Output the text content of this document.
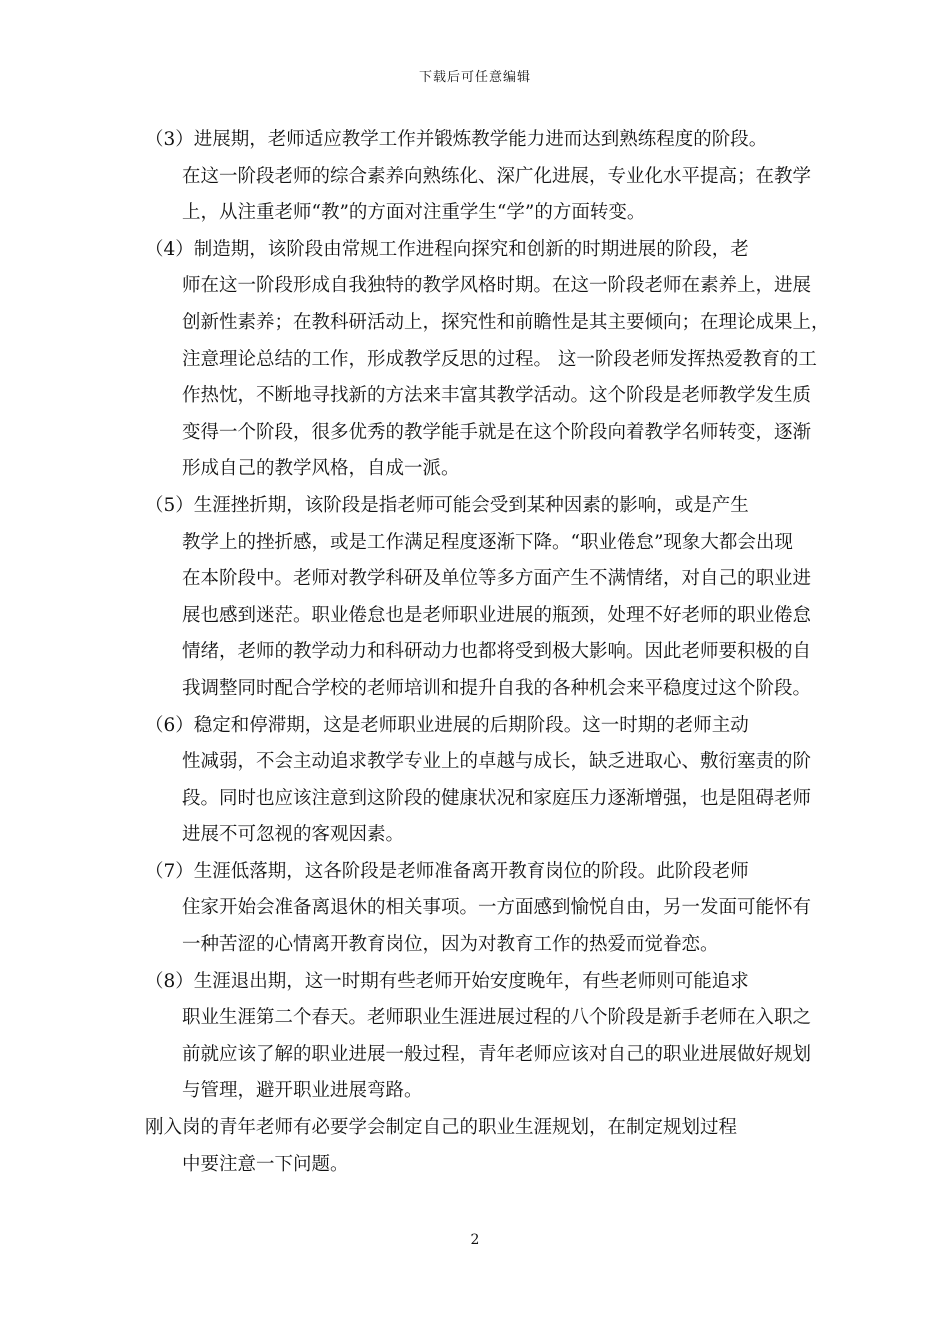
下载后可任意编辑

（3）进展期，老师适应教学工作并锻炼教学能力进而达到熟练程度的阶段。
在这一阶段老师的综合素养向熟练化、深广化进展，专业化水平提高；在教学
上，从注重老师“教”的方面对注重学生“学”的方面转变。

（4）制造期，该阶段由常规工作进程向探究和创新的时期进展的阶段，老
师在这一阶段形成自我独特的教学风格时期。在这一阶段老师在素养上，进展
创新性素养；在教科研活动上，探究性和前瞻性是其主要倾向；在理论成果上，
注意理论总结的工作，形成教学反思的过程。 这一阶段老师发挥热爱教育的工
作热忱，不断地寻找新的方法来丰富其教学活动。这个阶段是老师教学发生质
变得一个阶段，很多优秀的教学能手就是在这个阶段向着教学名师转变，逐渐
形成自己的教学风格，自成一派。

（5）生涯挫折期，该阶段是指老师可能会受到某种因素的影响，或是产生
教学上的挫折感，或是工作满足程度逐渐下降。“职业倦怠”现象大都会出现
在本阶段中。老师对教学科研及单位等多方面产生不满情绪，对自己的职业进
展也感到迷茫。职业倦怠也是老师职业进展的瓶颈，处理不好老师的职业倦怠
情绪，老师的教学动力和科研动力也都将受到极大影响。因此老师要积极的自
我调整同时配合学校的老师培训和提升自我的各种机会来平稳度过这个阶段。

（6）稳定和停滞期，这是老师职业进展的后期阶段。这一时期的老师主动
性减弱，不会主动追求教学专业上的卓越与成长，缺乏进取心、敷衍塞责的阶
段。同时也应该注意到这阶段的健康状况和家庭压力逐渐增强，也是阻碍老师
进展不可忽视的客观因素。

（7）生涯低落期，这各阶段是老师准备离开教育岗位的阶段。此阶段老师
住家开始会准备离退休的相关事项。一方面感到愉悦自由，另一发面可能怀有
一种苦涩的心情离开教育岗位，因为对教育工作的热爱而觉眷恋。

（8）生涯退出期，这一时期有些老师开始安度晚年，有些老师则可能追求
职业生涯第二个春天。老师职业生涯进展过程的八个阶段是新手老师在入职之
前就应该了解的职业进展一般过程，青年老师应该对自己的职业进展做好规划
与管理，避开职业进展弯路。

刚入岗的青年老师有必要学会制定自己的职业生涯规划，在制定规划过程
中要注意一下问题。

2
